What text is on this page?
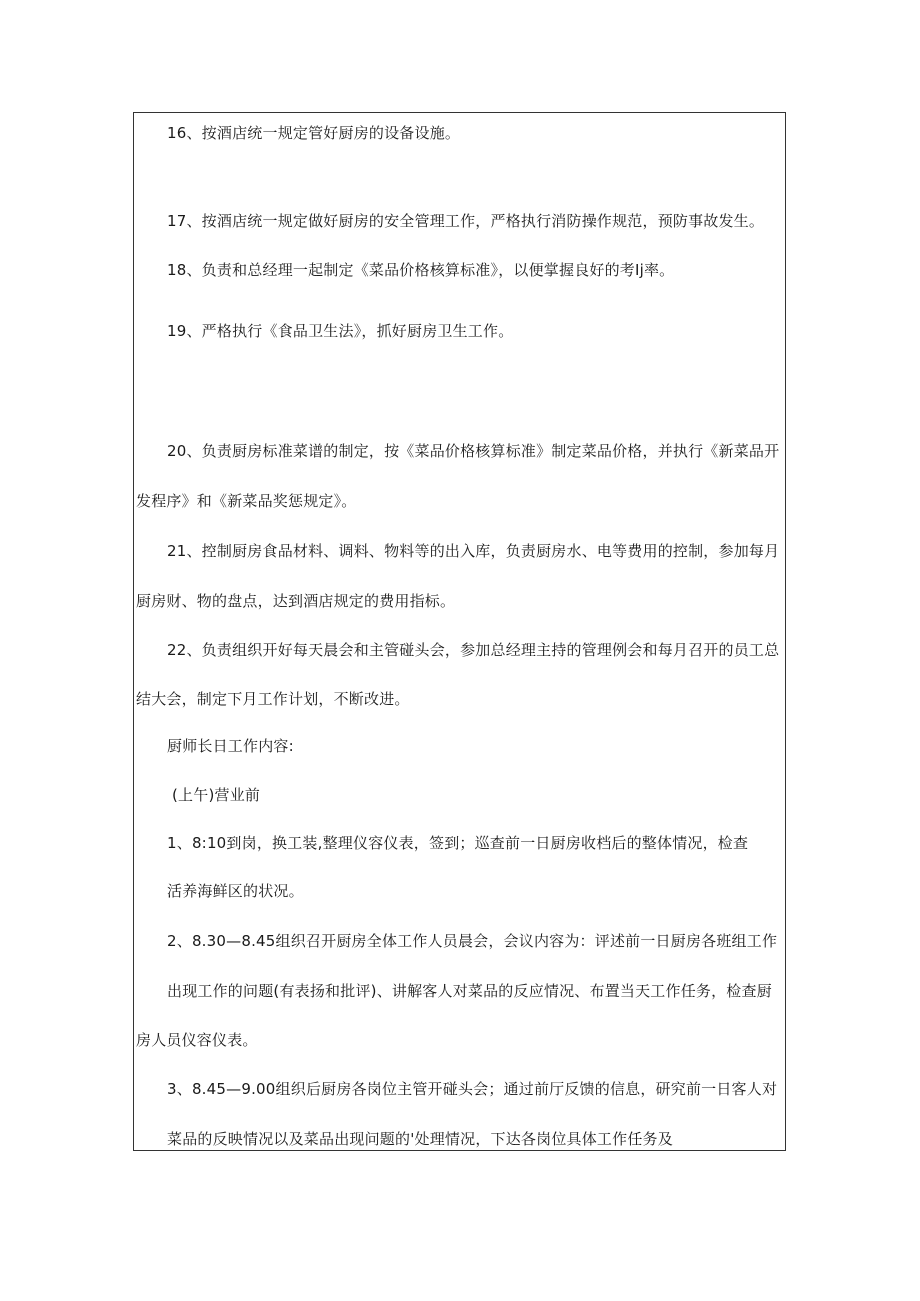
16、按酒店统一规定管好厨房的设备设施。
17、按酒店统一规定做好厨房的安全管理工作，严格执行消防操作规范，预防事故发生。
18、负责和总经理一起制定《菜品价格核算标准》，以便掌握良好的考Ij率。
19、严格执行《食品卫生法》，抓好厨房卫生工作。
20、负责厨房标准菜谱的制定，按《菜品价格核算标准》制定菜品价格，并执行《新菜品开
发程序》和《新菜品奖惩规定》。
21、控制厨房食品材料、调料、物料等的出入库，负责厨房水、电等费用的控制，参加每月
厨房财、物的盘点，达到酒店规定的费用指标。
22、负责组织开好每天晨会和主管碰头会，参加总经理主持的管理例会和每月召开的员工总
结大会，制定下月工作计划，不断改进。
厨师长日工作内容:
(上午)营业前
1、8:10到岗，换工装,整理仪容仪表，签到；巡查前一日厨房收档后的整体情况，检查
活养海鲜区的状况。
2、8.30—8.45组织召开厨房全体工作人员晨会，会议内容为：评述前一日厨房各班组工作
出现工作的问题(有表扬和批评)、讲解客人对菜品的反应情况、布置当天工作任务，检查厨
房人员仪容仪表。
3、8.45—9.00组织后厨房各岗位主管开碰头会；通过前厅反馈的信息，研究前一日客人对
菜品的反映情况以及菜品出现问题的'处理情况，下达各岗位具体工作任务及
